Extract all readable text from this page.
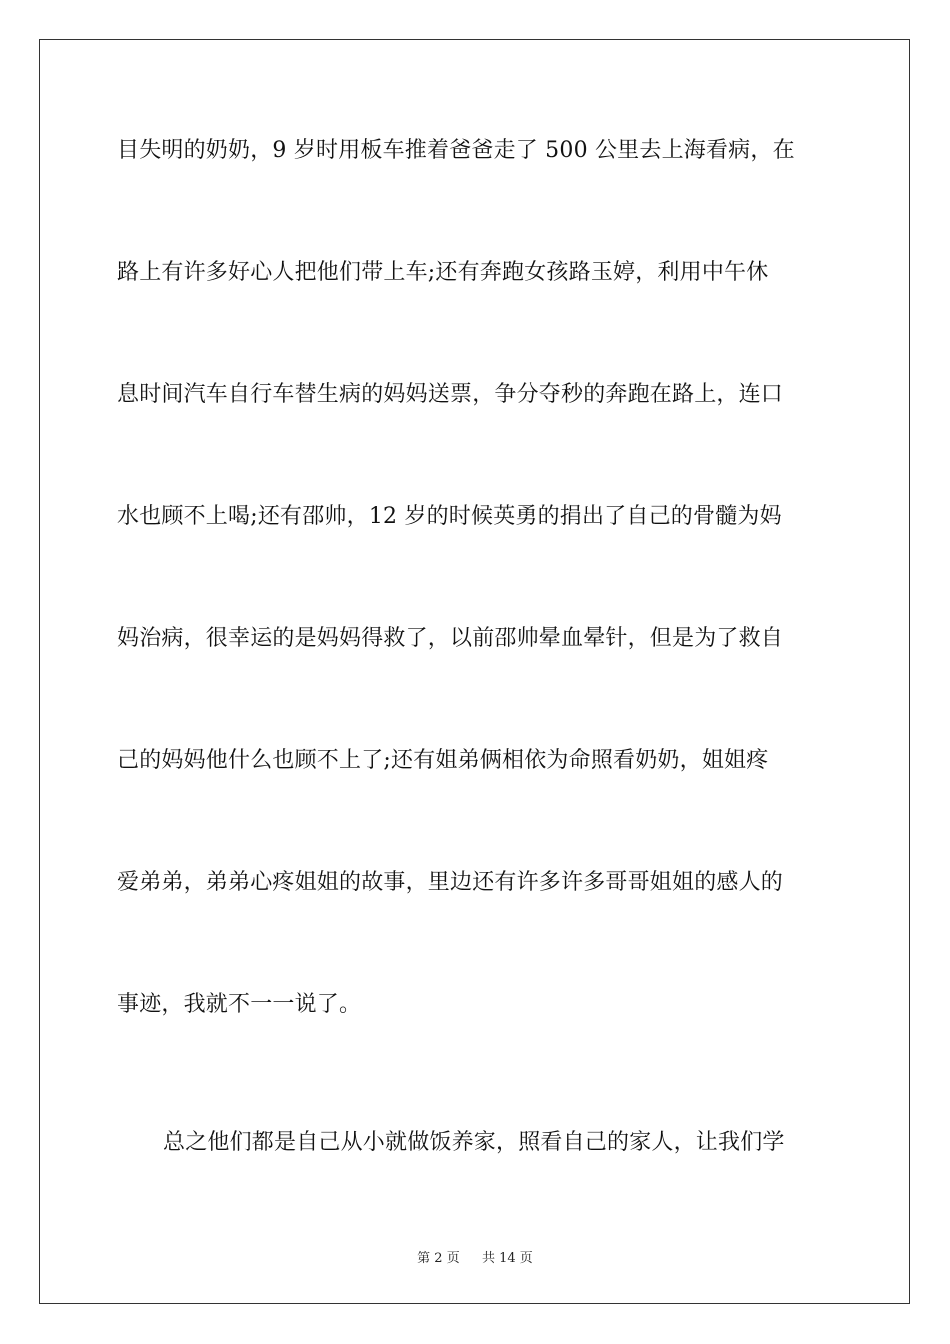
目失明的奶奶，9 岁时用板车推着爸爸走了 500 公里去上海看病，在

路上有许多好心人把他们带上车;还有奔跑女孩路玉婷，利用中午休

息时间汽车自行车替生病的妈妈送票，争分夺秒的奔跑在路上，连口

水也顾不上喝;还有邵帅，12 岁的时候英勇的捐出了自己的骨髓为妈

妈治病，很幸运的是妈妈得救了，以前邵帅晕血晕针，但是为了救自

己的妈妈他什么也顾不上了;还有姐弟俩相依为命照看奶奶，姐姐疼

爱弟弟，弟弟心疼姐姐的故事，里边还有许多许多哥哥姐姐的感人的

事迹，我就不一一说了。

总之他们都是自己从小就做饭养家，照看自己的家人，让我们学

第 2 页 共 14 页
